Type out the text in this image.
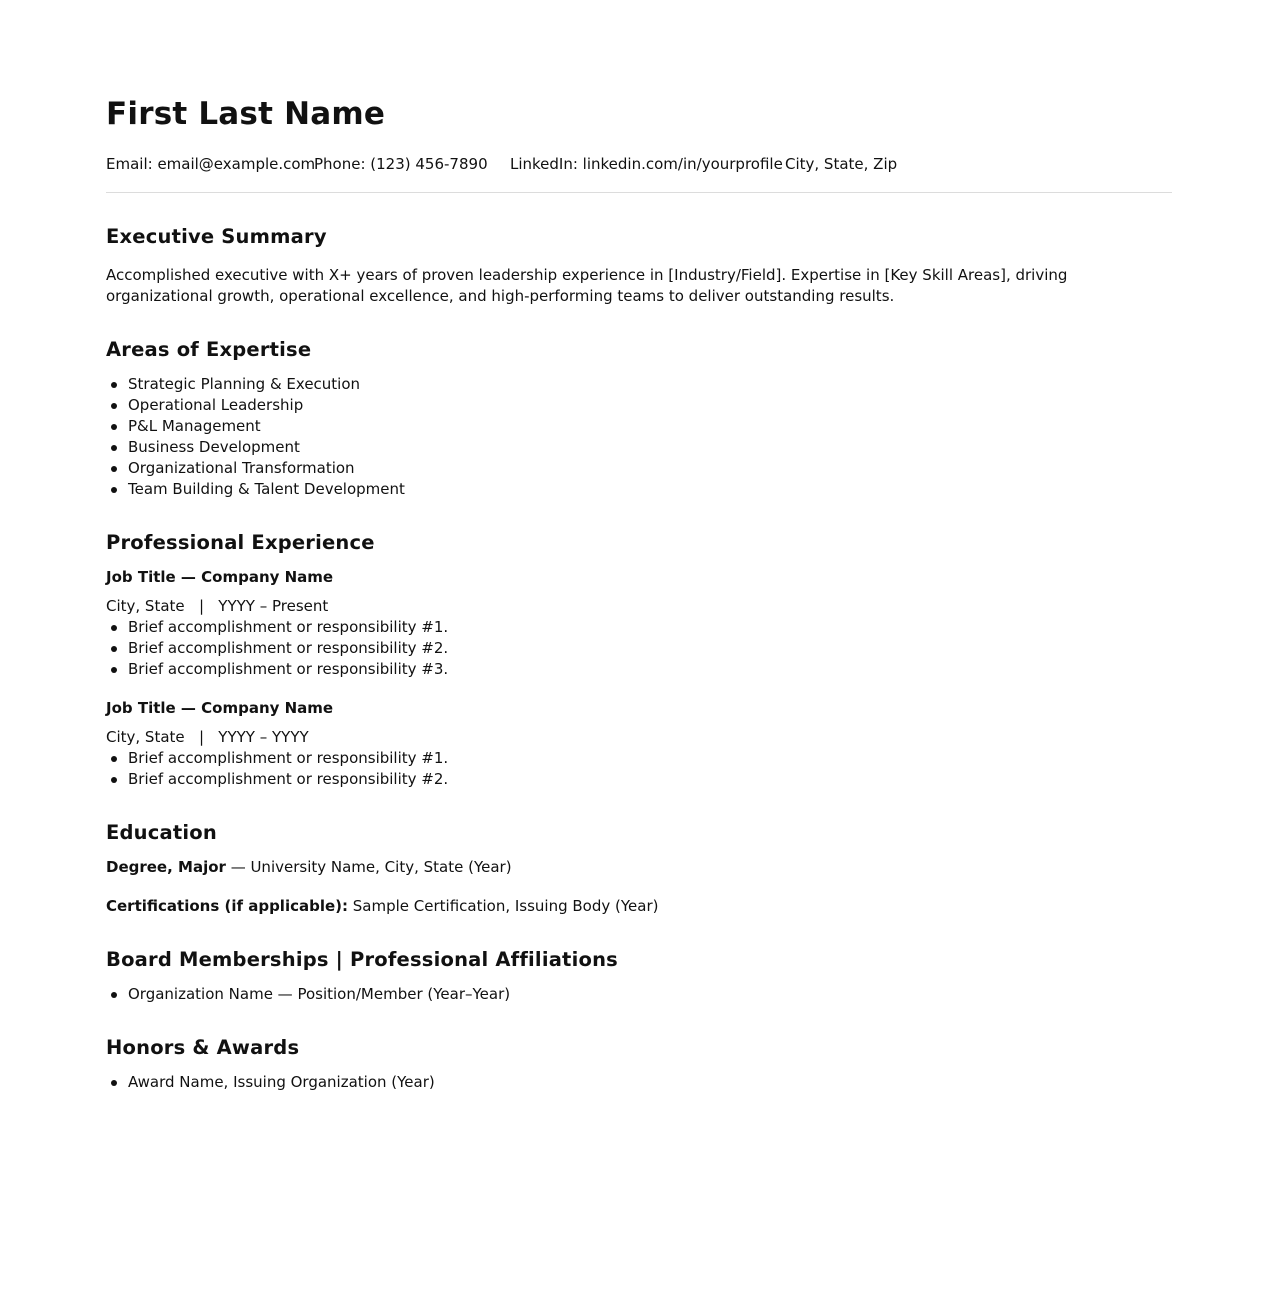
First Last Name
Email: email@example.com
Phone: (123) 456-7890 LinkedIn: linkedin.com/in/yourprofile City, State, Zip
Executive Summary

Accomplished executive with X+ years of proven leadership experience in [Industry/Field]. Expertise in [Key Skill Areas], driving organizational growth, operational excellence, and high-performing teams to deliver outstanding results.

Areas of Expertise
Strategic Planning & Execution
Operational Leadership
P&L Management
Business Development
Organizational Transformation
Team Building & Talent Development
Professional Experience
Job Title — Company Name
City, State   |   YYYY – Present
Brief accomplishment or responsibility #1.
Brief accomplishment or responsibility #2.
Brief accomplishment or responsibility #3.
Job Title — Company Name
City, State   |   YYYY – YYYY
Brief accomplishment or responsibility #1.
Brief accomplishment or responsibility #2.
Education
Degree, Major — University Name, City, State (Year)
Certifications (if applicable): Sample Certification, Issuing Body (Year)
Board Memberships | Professional Affiliations
Organization Name — Position/Member (Year–Year)
Honors & Awards
Award Name, Issuing Organization (Year)
